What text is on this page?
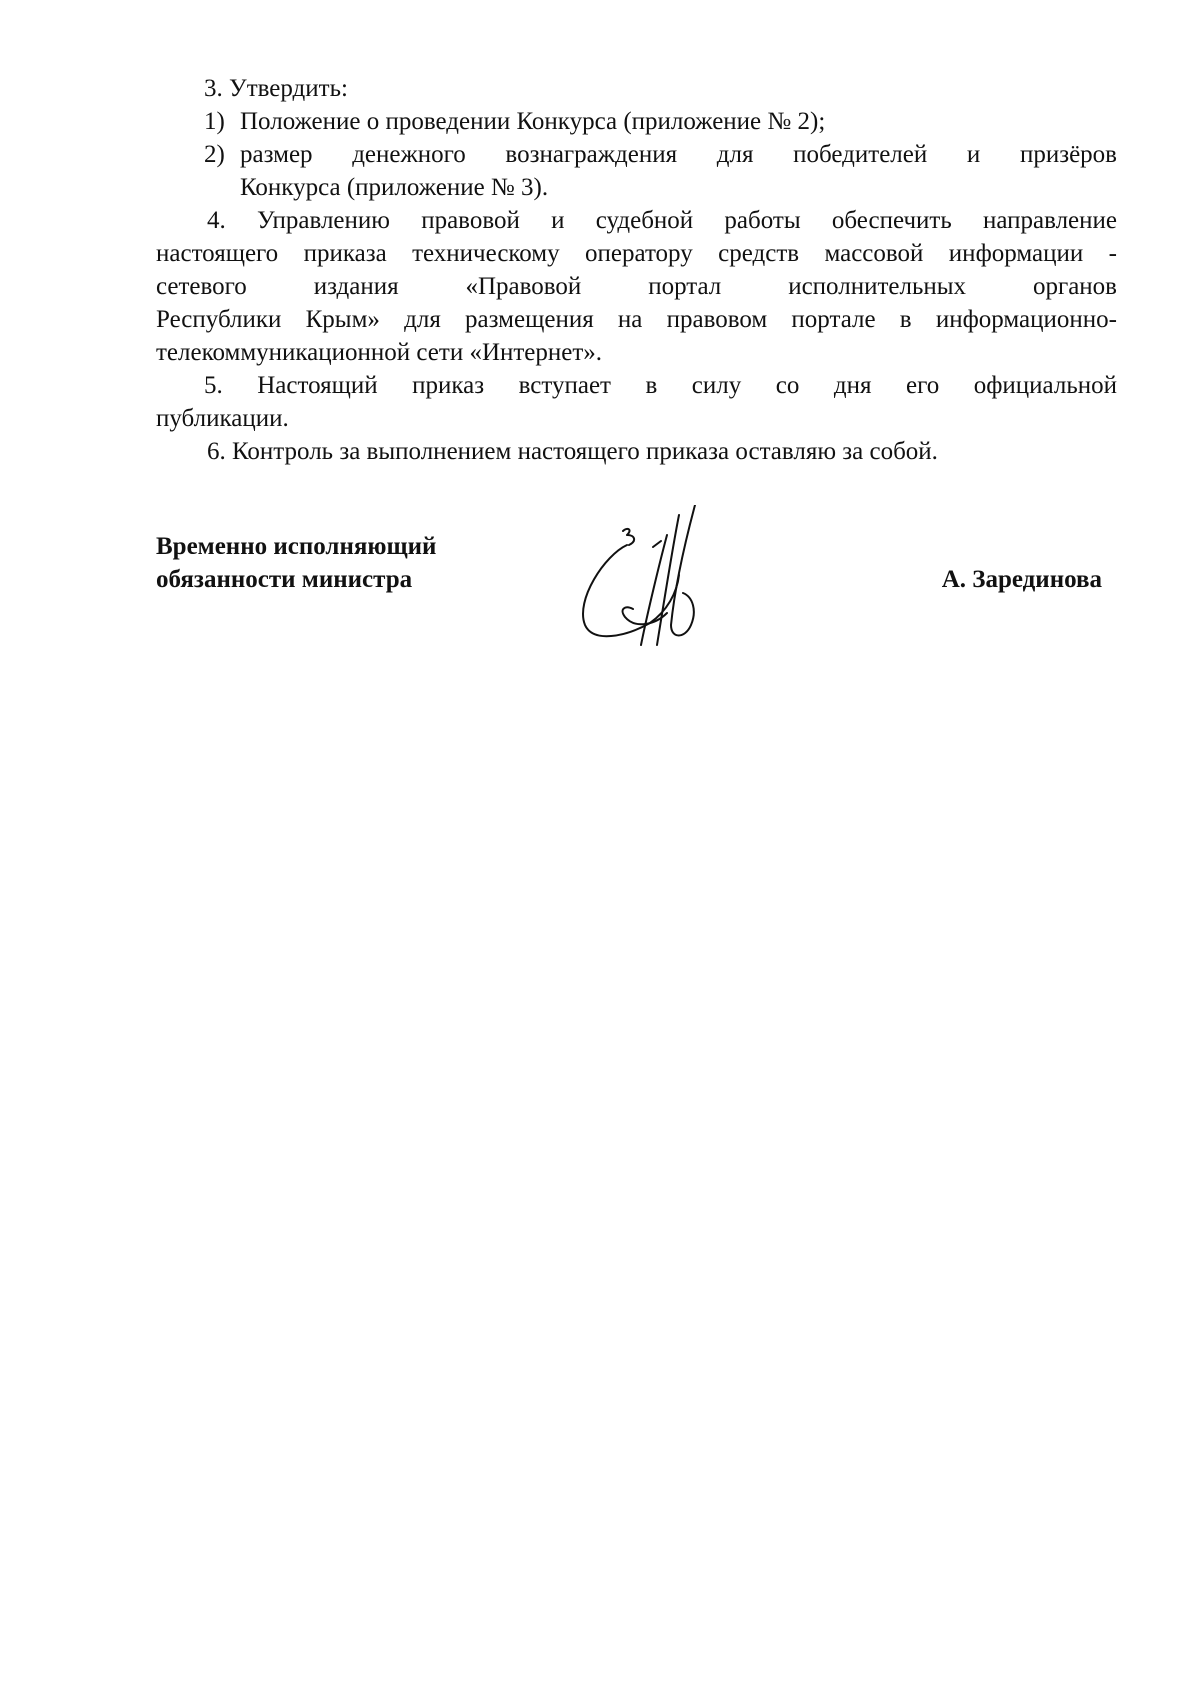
3. Утвердить:
1) Положение о проведении Конкурса (приложение № 2);
2) размер денежного вознаграждения для победителей и призёров
Конкурса (приложение № 3).
4. Управлению правовой и судебной работы обеспечить направление
настоящего приказа техническому оператору средств массовой информации -
сетевого издания «Правовой портал исполнительных органов
Республики Крым» для размещения на правовом портале в информационно-
телекоммуникационной сети «Интернет».
5. Настоящий приказ вступает в силу со дня его официальной
публикации.
6. Контроль за выполнением настоящего приказа оставляю за собой.
Временно исполняющий
обязанности министра	А. Зарединова
